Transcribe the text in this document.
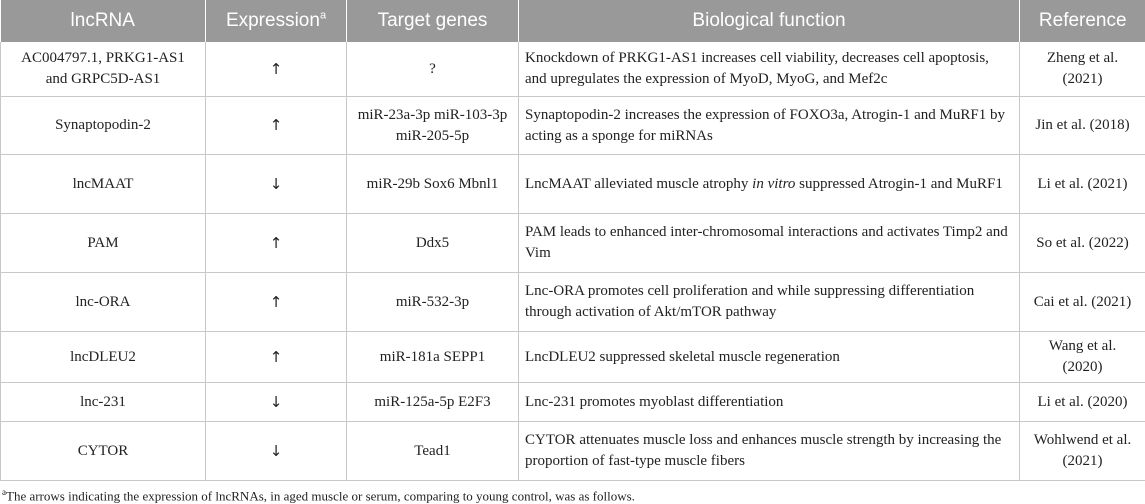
lncRNA	Expression$^a$	Target genes	Biological function	Reference
AC004797.1, PRKG1-AS1 and GRPC5D-AS1	↑	?	Knockdown of PRKG1-AS1 increases cell viability, decreases cell apoptosis, and upregulates the expression of MyoD, MyoG, and Mef2c	Zheng et al. (2021)
Synaptopodin-2	↑	miR-23a-3p miR-103-3p miR-205-5p	Synaptopodin-2 increases the expression of FOXO3a, Atrogin-1 and MuRF1 by acting as a sponge for miRNAs	Jin et al. (2018)
lncMAAT	↓	miR-29b Sox6 Mbnl1	LncMAAT alleviated muscle atrophy in vitro suppressed Atrogin-1 and MuRF1	Li et al. (2021)
PAM	↑	Ddx5	PAM leads to enhanced inter-chromosomal interactions and activates Timp2 and Vim	So et al. (2022)
lnc-ORA	↑	miR-532-3p	Lnc-ORA promotes cell proliferation and while suppressing differentiation through activation of Akt/mTOR pathway	Cai et al. (2021)
lncDLEU2	↑	miR-181a SEPP1	LncDLEU2 suppressed skeletal muscle regeneration	Wang et al. (2020)
lnc-231	↓	miR-125a-5p E2F3	Lnc-231 promotes myoblast differentiation	Li et al. (2020)
CYTOR	↓	Tead1	CYTOR attenuates muscle loss and enhances muscle strength by increasing the proportion of fast-type muscle fibers	Wohlwend et al. (2021)
$^a$The arrows indicating the expression of lncRNAs, in aged muscle or serum, comparing to young control, was as follows.
